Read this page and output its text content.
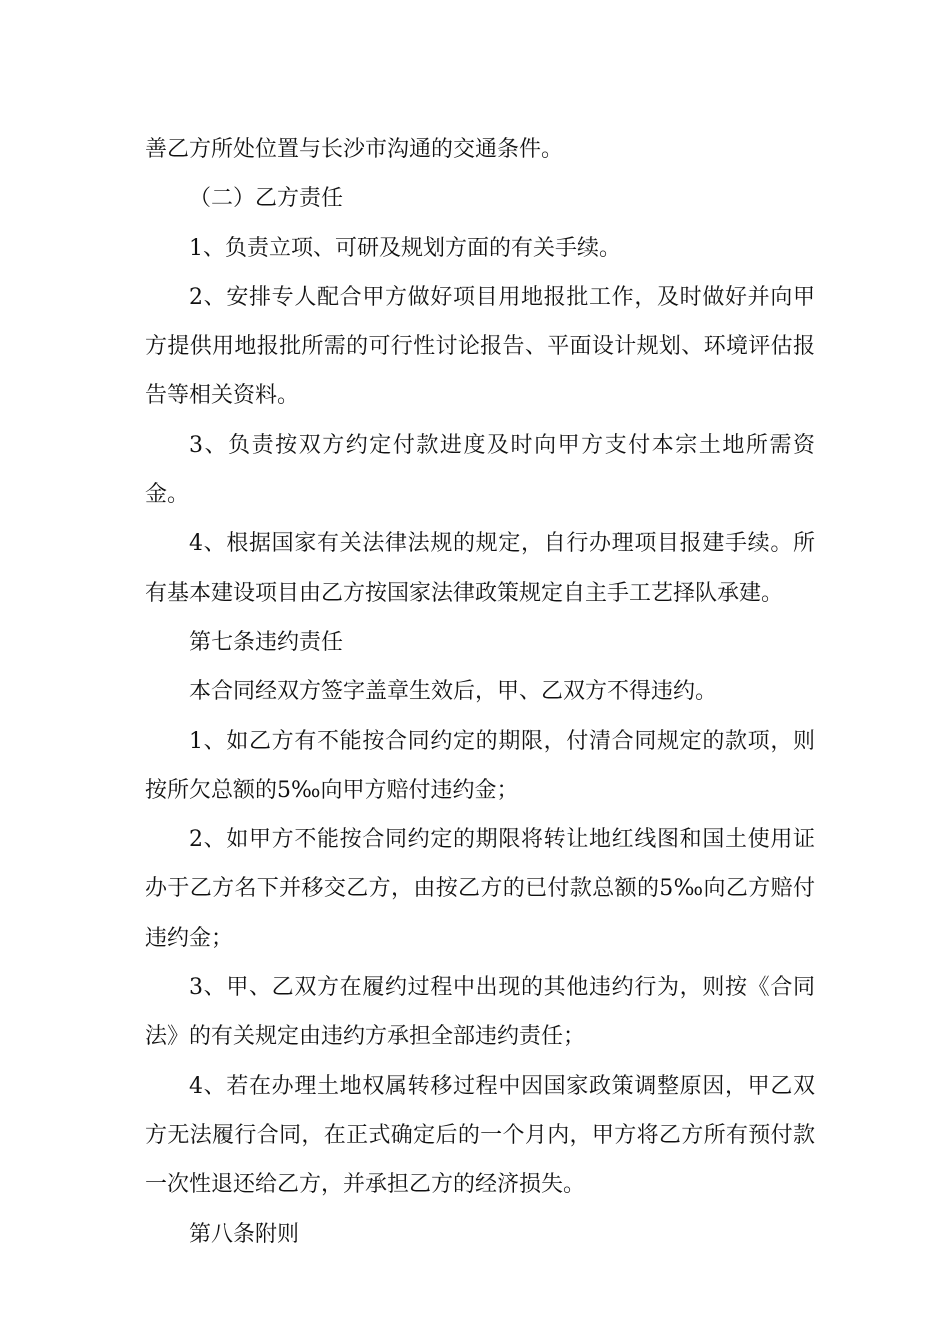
善乙方所处位置与长沙市沟通的交通条件。

（二）乙方责任

1、负责立项、可研及规划方面的有关手续。

2、安排专人配合甲方做好项目用地报批工作，及时做好并向甲方提供用地报批所需的可行性讨论报告、平面设计规划、环境评估报告等相关资料。

3、负责按双方约定付款进度及时向甲方支付本宗土地所需资金。

4、根据国家有关法律法规的规定，自行办理项目报建手续。所有基本建设项目由乙方按国家法律政策规定自主手工艺择队承建。

第七条违约责任

本合同经双方签字盖章生效后，甲、乙双方不得违约。

1、如乙方有不能按合同约定的期限，付清合同规定的款项，则按所欠总额的5‰向甲方赔付违约金；

2、如甲方不能按合同约定的期限将转让地红线图和国土使用证办于乙方名下并移交乙方，由按乙方的已付款总额的5‰向乙方赔付违约金；

3、甲、乙双方在履约过程中出现的其他违约行为，则按《合同法》的有关规定由违约方承担全部违约责任；

4、若在办理土地权属转移过程中因国家政策调整原因，甲乙双方无法履行合同，在正式确定后的一个月内，甲方将乙方所有预付款一次性退还给乙方，并承担乙方的经济损失。

第八条附则
